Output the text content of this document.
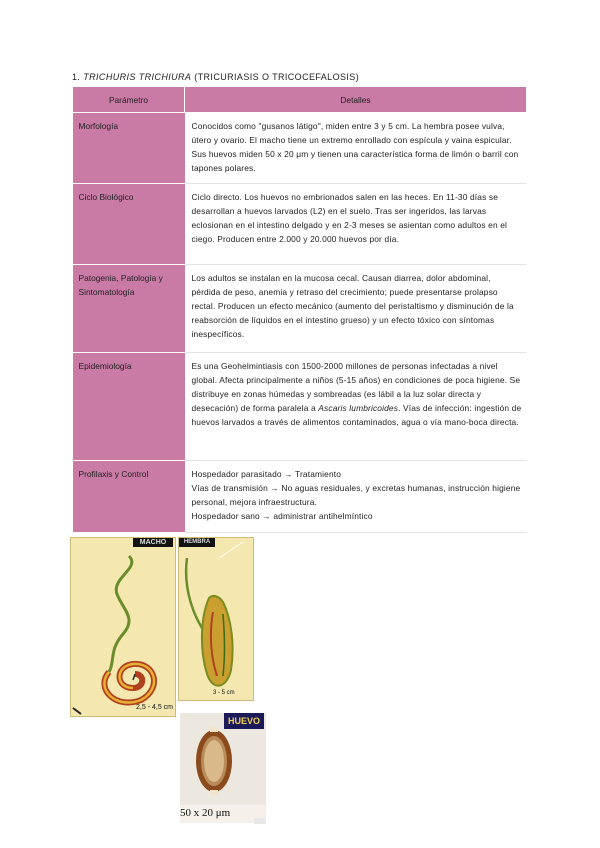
1. TRICHURIS TRICHIURA (TRICURIASIS O TRICOCEFALOSIS)
Parámetro	Detalles
Morfología	Conocidos como "gusanos látigo", miden entre 3 y 5 cm. La hembra posee vulva, útero y ovario. El macho tiene un extremo enrollado con espícula y vaina espicular. Sus huevos miden 50 x 20 μm y tienen una característica forma de limón o barril con tapones polares.
Ciclo Biológico	Ciclo directo. Los huevos no embrionados salen en las heces. En 11-30 días se desarrollan a huevos larvados (L2) en el suelo. Tras ser ingeridos, las larvas eclosionan en el intestino delgado y en 2-3 meses se asientan como adultos en el ciego. Producen entre 2.000 y 20.000 huevos por día.
Patogenia, Patología y Sintomatología	Los adultos se instalan en la mucosa cecal. Causan diarrea, dolor abdominal, pérdida de peso, anemia y retraso del crecimiento; puede presentarse prolapso rectal. Producen un efecto mecánico (aumento del peristaltismo y disminución de la reabsorción de líquidos en el intestino grueso) y un efecto tóxico con síntomas inespecíficos.
Epidemiología	Es una Geohelmintiasis con 1500-2000 millones de personas infectadas a nivel global. Afecta principalmente a niños (5-15 años) en condiciones de poca higiene. Se distribuye en zonas húmedas y sombreadas (es lábil a la luz solar directa y desecación) de forma paralela a Ascaris lumbricoides. Vías de infección: ingestión de huevos larvados a través de alimentos contaminados, agua o vía mano-boca directa.
Profilaxis y Control	Hospedador parasitado → Tratamiento
Vías de transmisión → No aguas residuales, y excretas humanas, instrucción higiene personal, mejora infraestructura.
Hospedador sano → administrar antihelmíntico
MACHO
2,5 - 4,5 cm
HEMBRA
3 - 5 cm
HUEVO
50 x 20 μm
